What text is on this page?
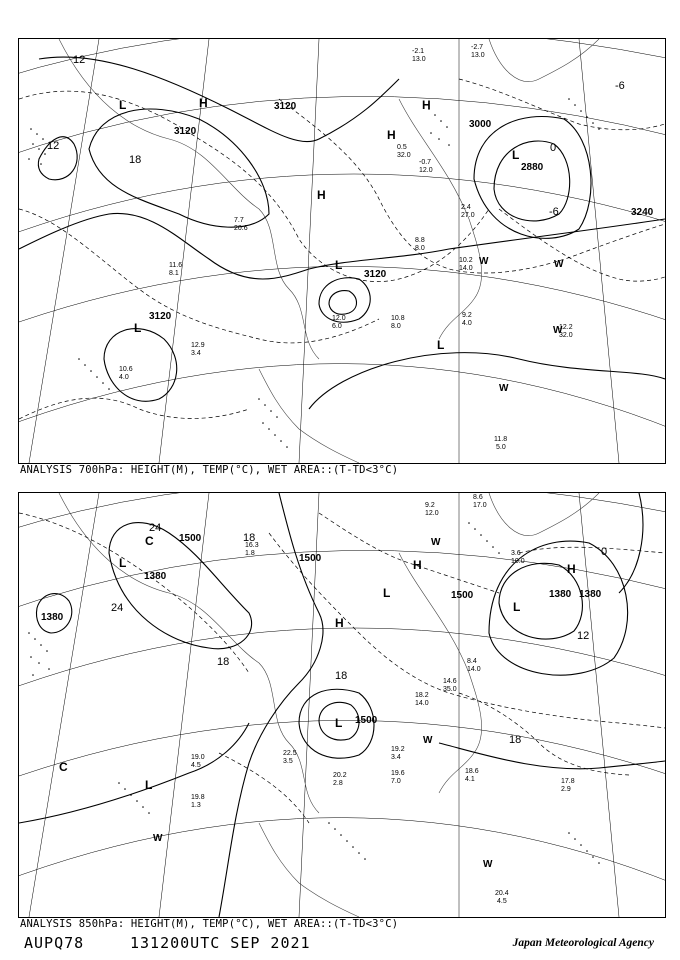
3120
3120
3120
3120
3000
2880
3240
12
12
18
0
-6
-6
L
L
L
L
L
H	H
H
H
W
W
W
W
11.8
5.0
9.2
4.0
12.2
32.0
10.8
8.0
10.2
14.0
12.0
6.0
7.7
20.6
12.9
3.4
11.6
8.1
10.6
4.0
-2.1
13.0
-2.7
13.0
0.5
32.0
-0.7
12.0
2.4
27.0
8.8
8.0
ANALYSIS 700hPa: HEIGHT(M), TEMP(°C), WET AREA::(T-TD<3°C)
1500
1500
1500
1500
1380
1380
1380 1380
24
24
18
18
18
12
0
18
L
L
L
L
L
C
C
H
H
H
W
W
W
W
20.4
4.5
17.8
2.9
19.6
7.0
20.2
2.8
19.2
3.4
19.0
4.5
19.8
1.3
18.6
4.1
22.5
3.5
16.3
1.8
14.6
35.0
8.4
14.0
3.6
10.0
9.2
12.0
8.6
17.0
18.2
14.0
ANALYSIS 850hPa: HEIGHT(M), TEMP(°C), WET AREA::(T-TD<3°C)
AUPQ78	131200UTC SEP 2021	Japan Meteorological Agency
